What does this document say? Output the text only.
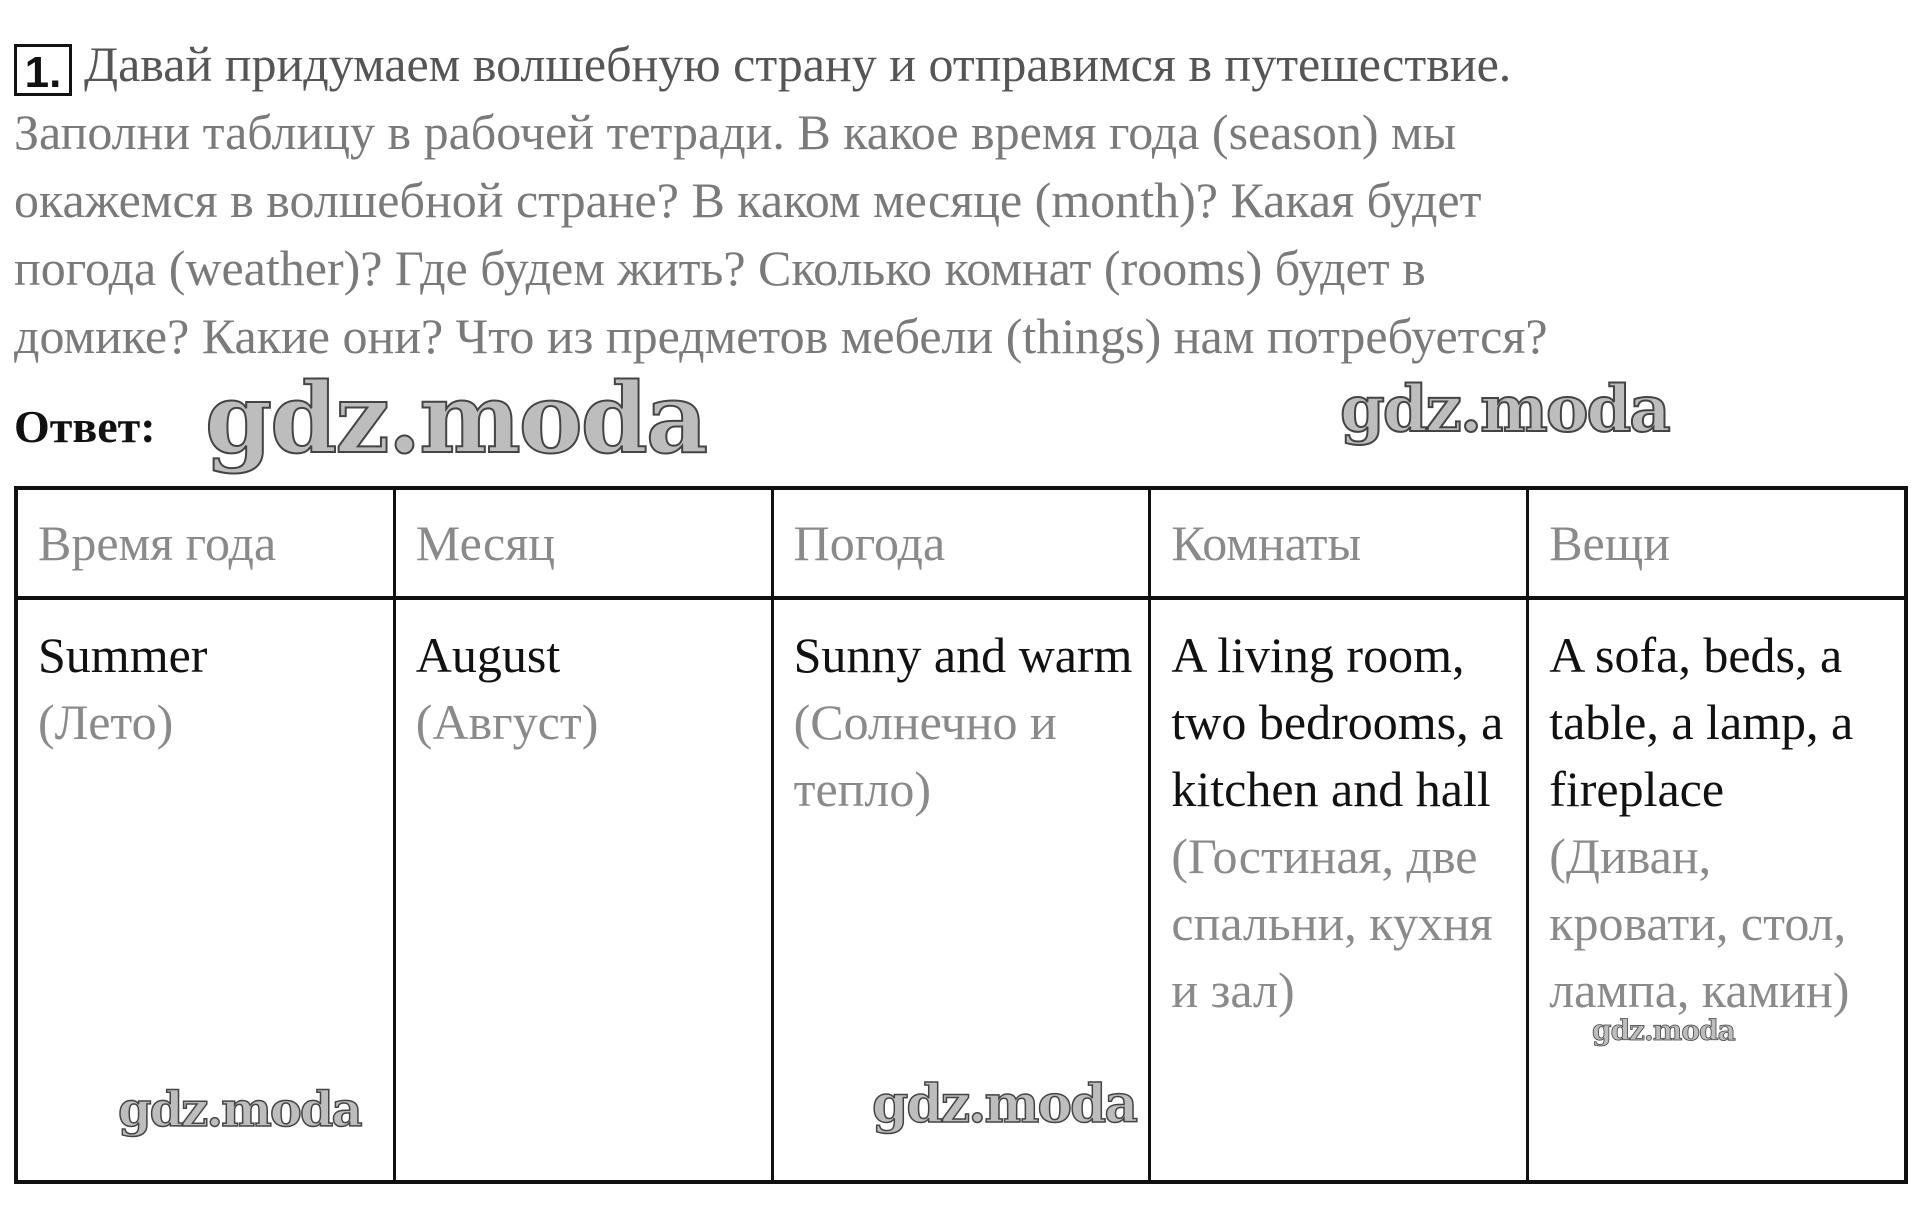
1. Давай придумаем волшебную страну и отправимся в путешествие.
Заполни таблицу в рабочей тетради. В какое время года (season) мы
окажемся в волшебной стране? В каком месяце (month)? Какая будет
погода (weather)? Где будем жить? Сколько комнат (rooms) будет в
домике? Какие они? Что из предметов мебели (things) нам потребуется?
Ответ:
Время года
Summer
(Лето)
Месяц
August
(Август)
Погода
Sunny and warm (Солнечно и тепло)
Комнаты
A living room, two bedrooms, a kitchen and hall (Гостиная, две спальни, кухня и зал)
Вещи
A sofa, beds, a table, a lamp, a fireplace (Диван, кровати, стол, лампа, камин)
gdz.moda	gdz.moda
gdz.moda	gdz.moda
gdz.moda
